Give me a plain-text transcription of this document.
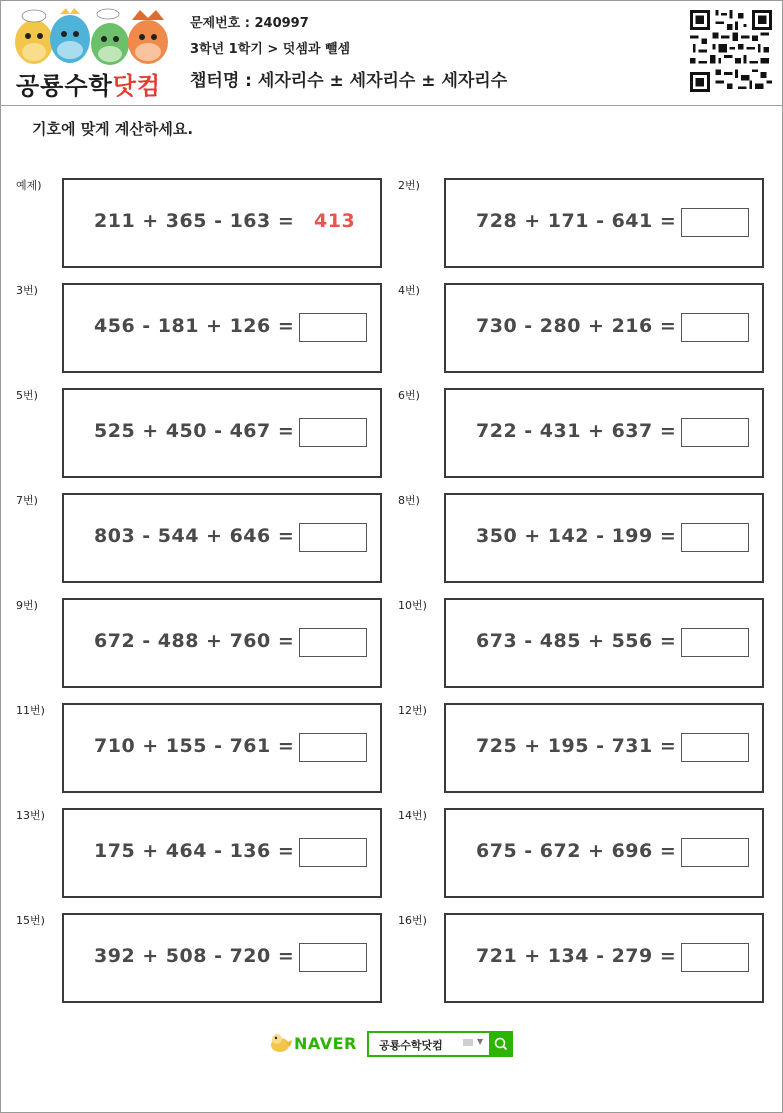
공룡수학닷컴
문제번호 : 240997
3학년 1학기 > 덧셈과 뺄셈
챕터명 : 세자리수 ± 세자리수 ± 세자리수
기호에 맞게 계산하세요.
예제)
211 + 365 - 163 = 413
2번)
728 + 171 - 641 =
3번)
456 - 181 + 126 =
4번)
730 - 280 + 216 =
5번)
525 + 450 - 467 =
6번)
722 - 431 + 637 =
7번)
803 - 544 + 646 =
8번)
350 + 142 - 199 =
9번)
672 - 488 + 760 =
10번)
673 - 485 + 556 =
11번)
710 + 155 - 761 =
12번)
725 + 195 - 731 =
13번)
175 + 464 - 136 =
14번)
675 - 672 + 696 =
15번)
392 + 508 - 720 =
16번)
721 + 134 - 279 =
NAVER 공룡수학닷컴	▼
